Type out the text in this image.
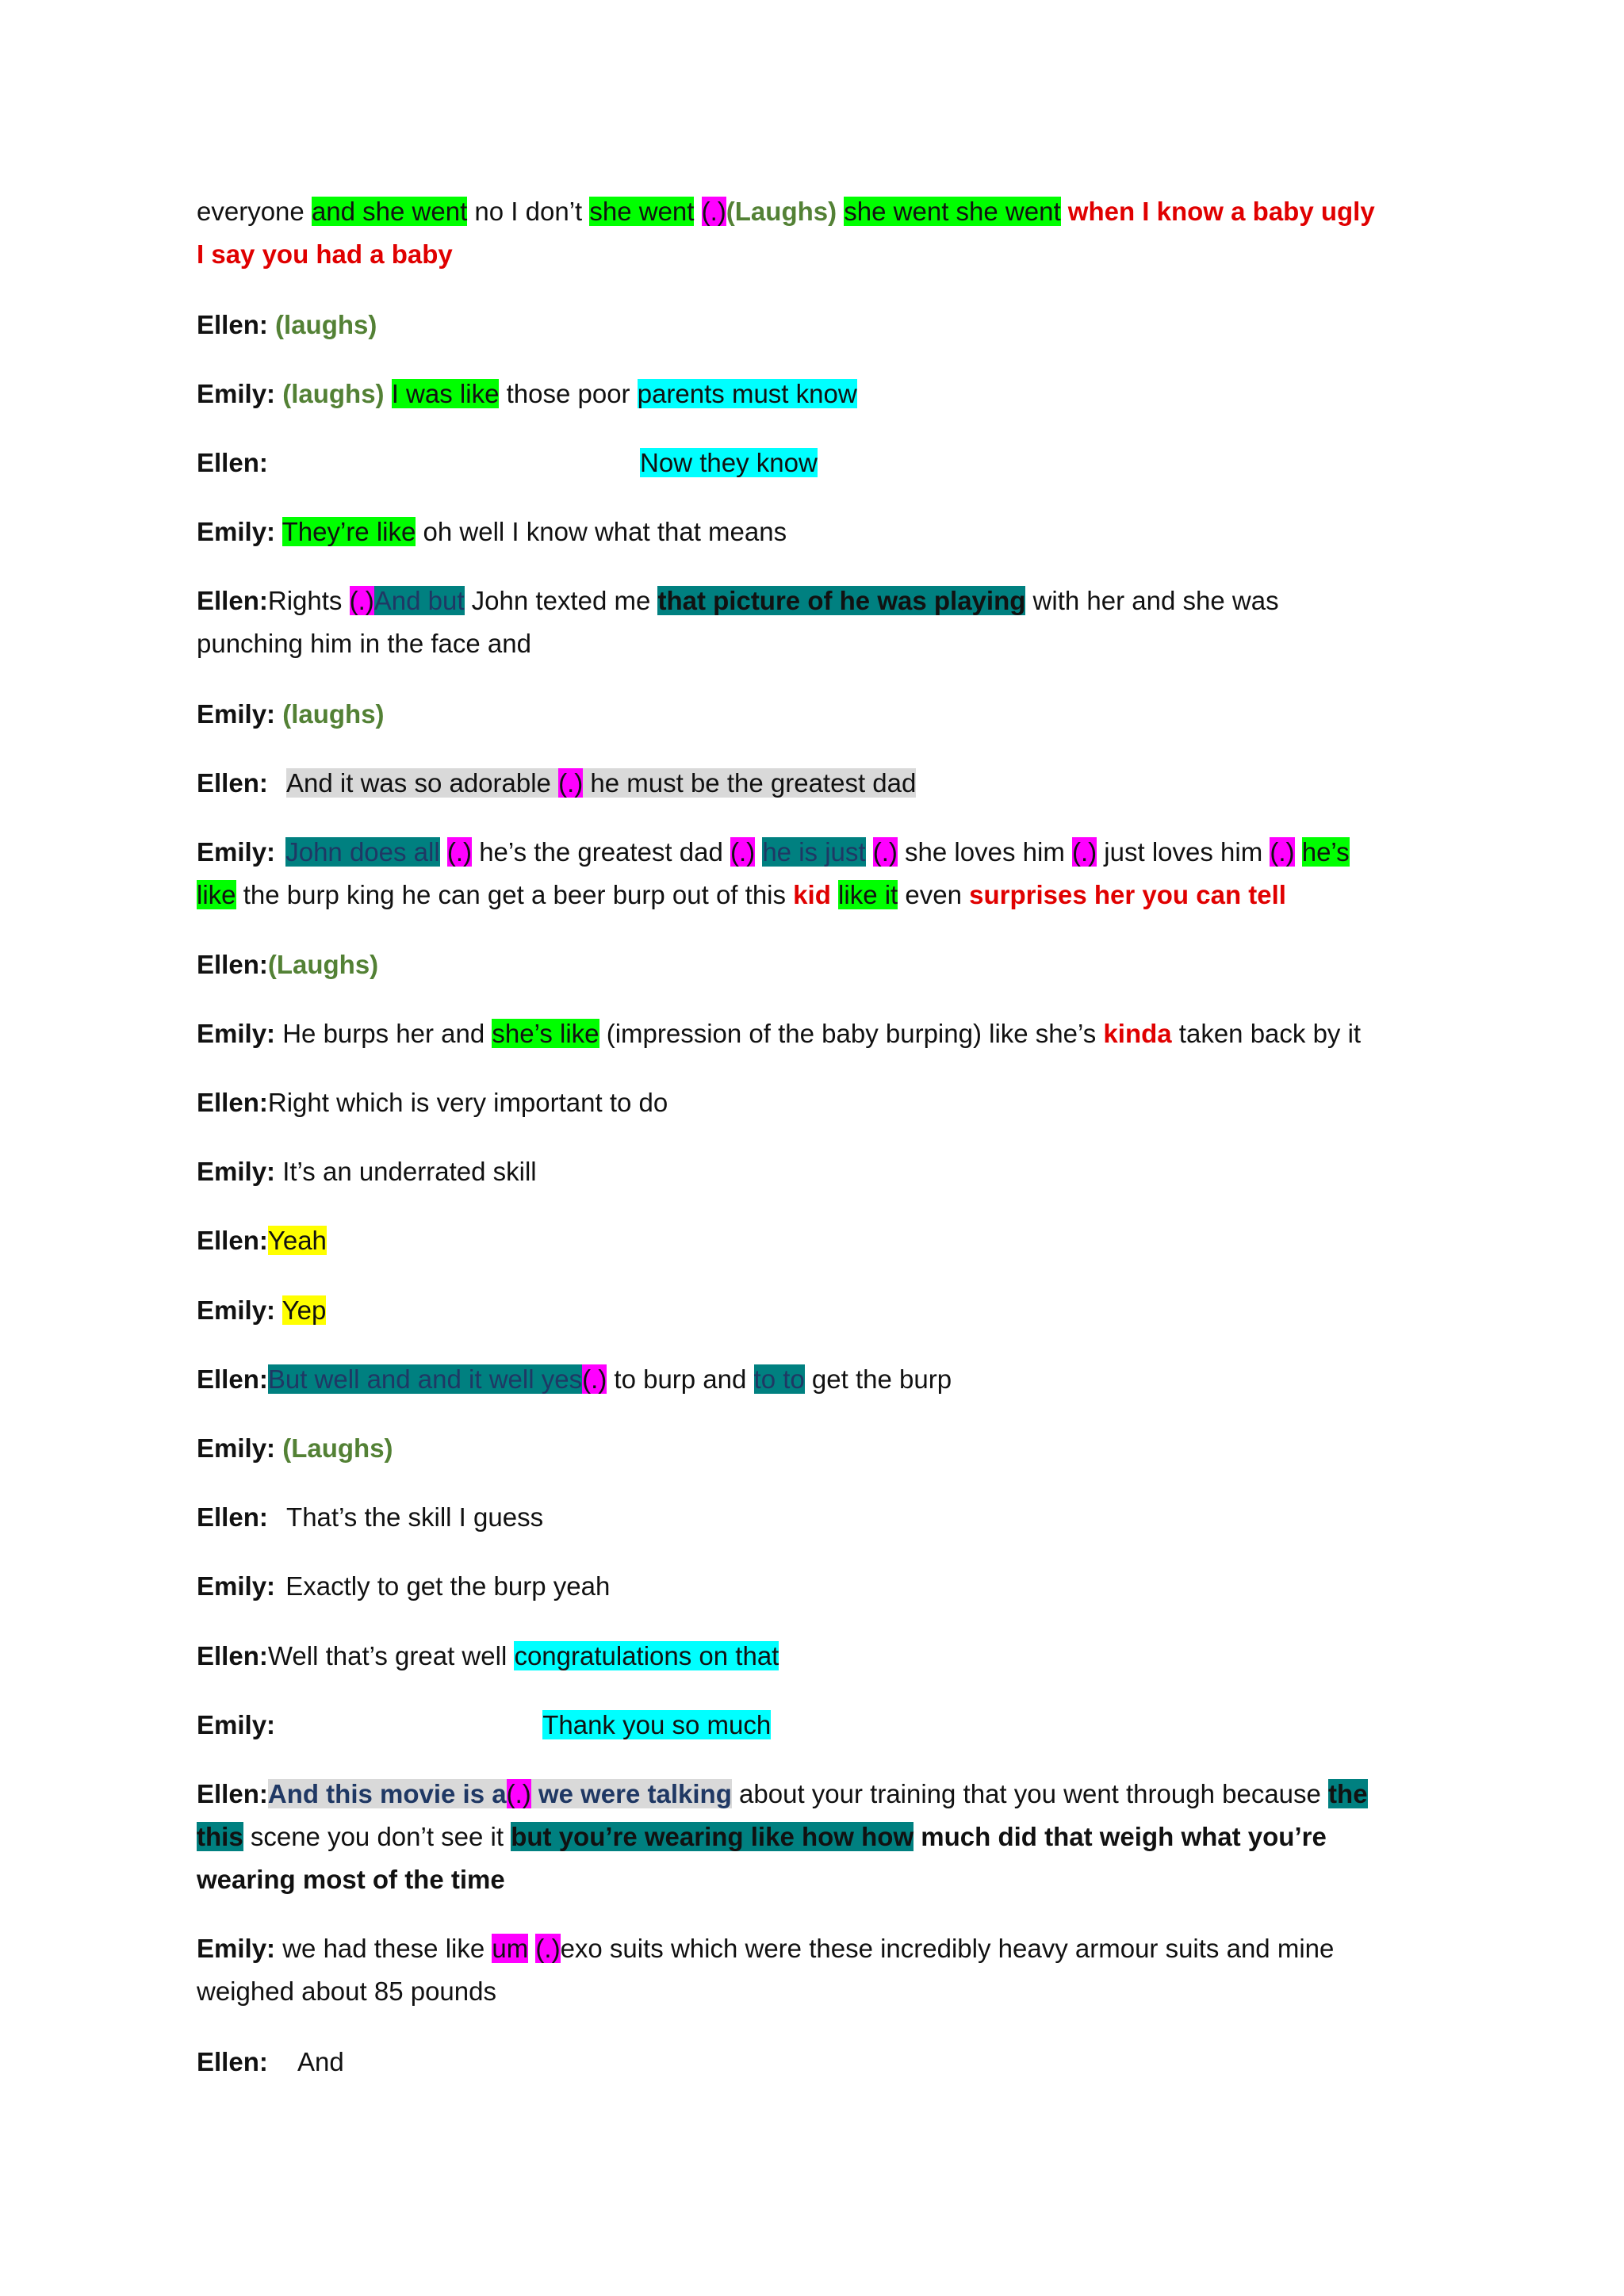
everyone and she went no I don’t she went (.)(Laughs) she went she went when I know a baby ugly
I say you had a baby
Ellen: (laughs)
Emily: (laughs) I was like those poor parents must know
Ellen:	Now they know
Emily: They’re like oh well I know what that means
Ellen:Rights (.)And but John texted me that picture of he was playing with her and she was
punching him in the face and
Emily: (laughs)
Ellen: And it was so adorable (.) he must be the greatest dad
Emily: John does all (.) he’s the greatest dad (.) he is just (.) she loves him (.) just loves him (.) he’s
like the burp king he can get a beer burp out of this kid like it even surprises her you can tell
Ellen:(Laughs)
Emily: He burps her and she’s like (impression of the baby burping) like she’s kinda taken back by it
Ellen:Right which is very important to do
Emily: It’s an underrated skill
Ellen:Yeah
Emily: Yep
Ellen:But well and and it well yes(.) to burp and to to get the burp
Emily: (Laughs)
Ellen: That’s the skill I guess
Emily: Exactly to get the burp yeah
Ellen:Well that’s great well congratulations on that
Emily:	Thank you so much
Ellen:And this movie is a(.) we were talking about your training that you went through because the
this scene you don’t see it but you’re wearing like how how much did that weigh what you’re
wearing most of the time
Emily: we had these like um (.)exo suits which were these incredibly heavy armour suits and mine
weighed about 85 pounds
Ellen: And
